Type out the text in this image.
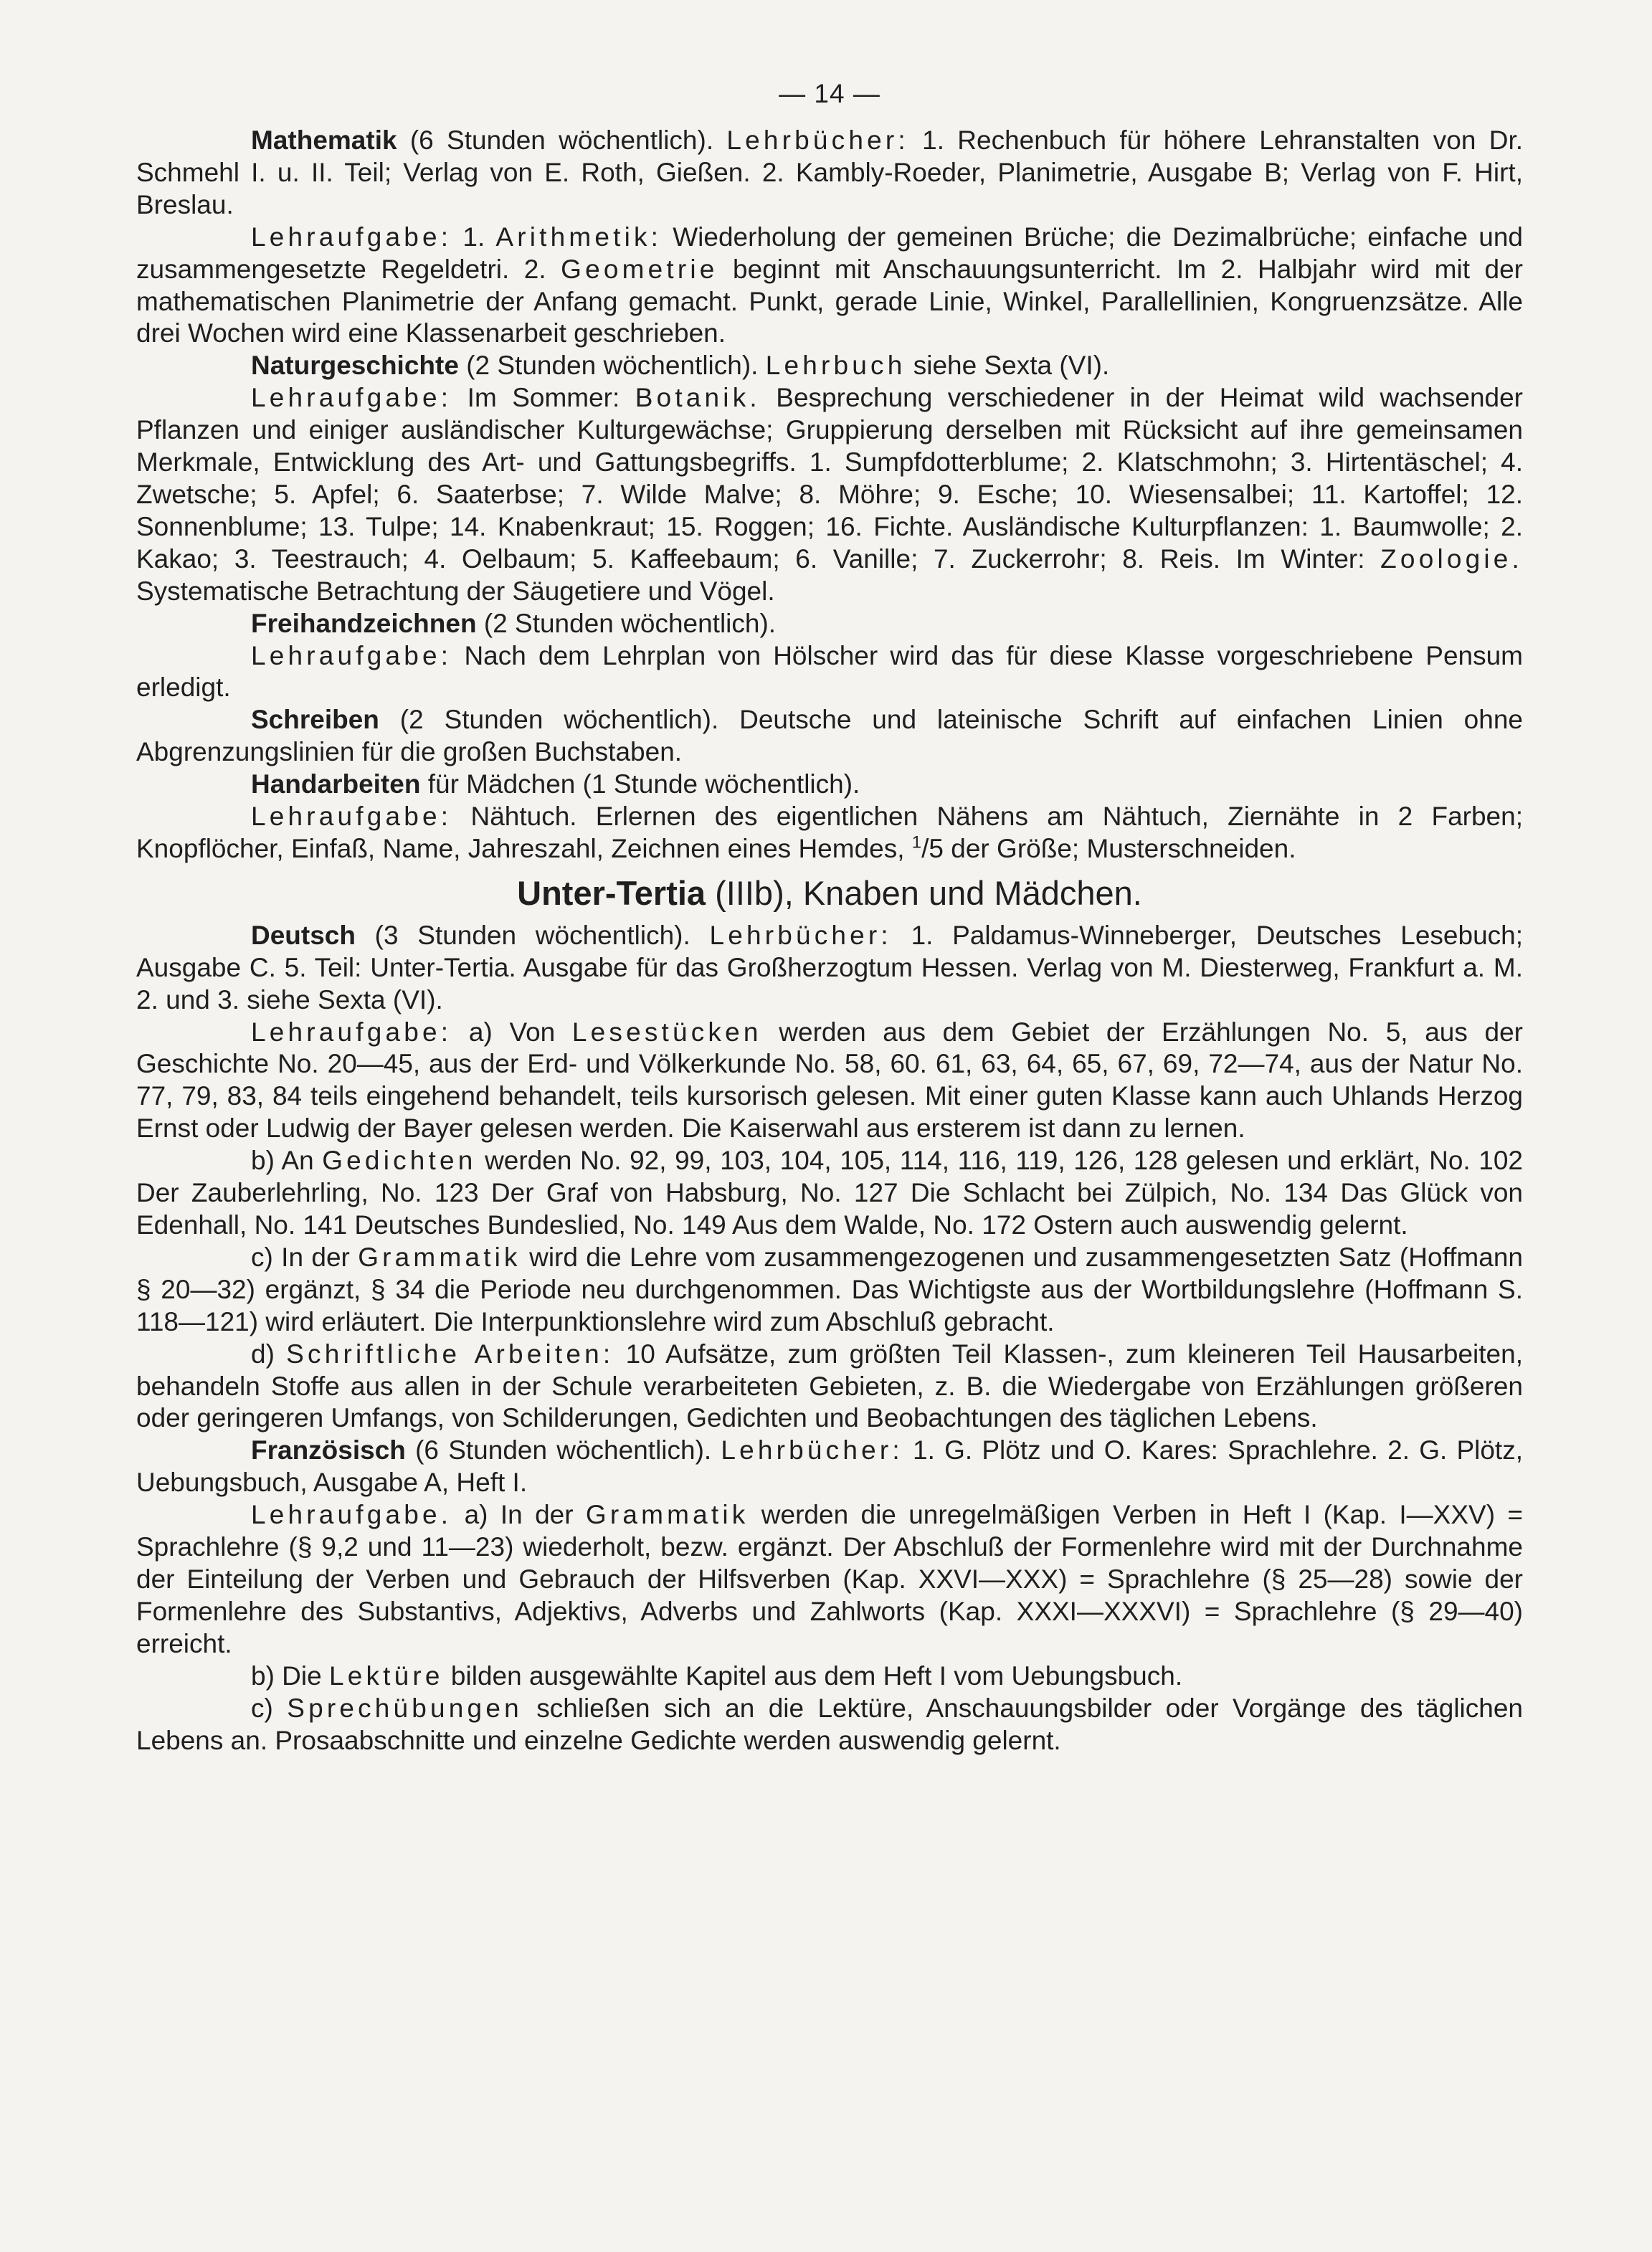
— 14 —

Mathematik (6 Stunden wöchentlich). Lehrbücher: 1. Rechenbuch für höhere Lehranstalten von Dr. Schmehl I. u. II. Teil; Verlag von E. Roth, Gießen. 2. Kambly-Roeder, Planimetrie, Ausgabe B; Verlag von F. Hirt, Breslau.

Lehraufgabe: 1. Arithmetik: Wiederholung der gemeinen Brüche; die Dezimalbrüche; einfache und zusammengesetzte Regeldetri. 2. Geometrie beginnt mit Anschauungsunterricht. Im 2. Halbjahr wird mit der mathematischen Planimetrie der Anfang gemacht. Punkt, gerade Linie, Winkel, Parallellinien, Kongruenzsätze. Alle drei Wochen wird eine Klassenarbeit geschrieben.

Naturgeschichte (2 Stunden wöchentlich). Lehrbuch siehe Sexta (VI).

Lehraufgabe: Im Sommer: Botanik. Besprechung verschiedener in der Heimat wild wachsender Pflanzen und einiger ausländischer Kulturgewächse; Gruppierung derselben mit Rücksicht auf ihre gemeinsamen Merkmale, Entwicklung des Art- und Gattungsbegriffs. 1. Sumpfdotterblume; 2. Klatschmohn; 3. Hirtentäschel; 4. Zwetsche; 5. Apfel; 6. Saaterbse; 7. Wilde Malve; 8. Möhre; 9. Esche; 10. Wiesensalbei; 11. Kartoffel; 12. Sonnenblume; 13. Tulpe; 14. Knabenkraut; 15. Roggen; 16. Fichte. Ausländische Kulturpflanzen: 1. Baumwolle; 2. Kakao; 3. Teestrauch; 4. Oelbaum; 5. Kaffeebaum; 6. Vanille; 7. Zuckerrohr; 8. Reis. Im Winter: Zoologie. Systematische Betrachtung der Säugetiere und Vögel.

Freihandzeichnen (2 Stunden wöchentlich).

Lehraufgabe: Nach dem Lehrplan von Hölscher wird das für diese Klasse vorgeschriebene Pensum erledigt.

Schreiben (2 Stunden wöchentlich). Deutsche und lateinische Schrift auf einfachen Linien ohne Abgrenzungslinien für die großen Buchstaben.

Handarbeiten für Mädchen (1 Stunde wöchentlich).

Lehraufgabe: Nähtuch. Erlernen des eigentlichen Nähens am Nähtuch, Ziernähte in 2 Farben; Knopflöcher, Einfaß, Name, Jahreszahl, Zeichnen eines Hemdes, $^1$/5 der Größe; Musterschneiden.

Unter-Tertia (IIIb), Knaben und Mädchen.

Deutsch (3 Stunden wöchentlich). Lehrbücher: 1. Paldamus-Winneberger, Deutsches Lesebuch; Ausgabe C. 5. Teil: Unter-Tertia. Ausgabe für das Großherzogtum Hessen. Verlag von M. Diesterweg, Frankfurt a. M. 2. und 3. siehe Sexta (VI).

Lehraufgabe: a) Von Lesestücken werden aus dem Gebiet der Erzählungen No. 5, aus der Geschichte No. 20—45, aus der Erd- und Völkerkunde No. 58, 60. 61, 63, 64, 65, 67, 69, 72—74, aus der Natur No. 77, 79, 83, 84 teils eingehend behandelt, teils kursorisch gelesen. Mit einer guten Klasse kann auch Uhlands Herzog Ernst oder Ludwig der Bayer gelesen werden. Die Kaiserwahl aus ersterem ist dann zu lernen.

b) An Gedichten werden No. 92, 99, 103, 104, 105, 114, 116, 119, 126, 128 gelesen und erklärt, No. 102 Der Zauberlehrling, No. 123 Der Graf von Habsburg, No. 127 Die Schlacht bei Zülpich, No. 134 Das Glück von Edenhall, No. 141 Deutsches Bundeslied, No. 149 Aus dem Walde, No. 172 Ostern auch auswendig gelernt.

c) In der Grammatik wird die Lehre vom zusammengezogenen und zusammengesetzten Satz (Hoffmann § 20—32) ergänzt, § 34 die Periode neu durchgenommen. Das Wichtigste aus der Wortbildungslehre (Hoffmann S. 118—121) wird erläutert. Die Interpunktionslehre wird zum Abschluß gebracht.

d) Schriftliche Arbeiten: 10 Aufsätze, zum größten Teil Klassen-, zum kleineren Teil Hausarbeiten, behandeln Stoffe aus allen in der Schule verarbeiteten Gebieten, z. B. die Wiedergabe von Erzählungen größeren oder geringeren Umfangs, von Schilderungen, Gedichten und Beobachtungen des täglichen Lebens.

Französisch (6 Stunden wöchentlich). Lehrbücher: 1. G. Plötz und O. Kares: Sprachlehre. 2. G. Plötz, Uebungsbuch, Ausgabe A, Heft I.

Lehraufgabe. a) In der Grammatik werden die unregelmäßigen Verben in Heft I (Kap. I—XXV) = Sprachlehre (§ 9,2 und 11—23) wiederholt, bezw. ergänzt. Der Abschluß der Formenlehre wird mit der Durchnahme der Einteilung der Verben und Gebrauch der Hilfsverben (Kap. XXVI—XXX) = Sprachlehre (§ 25—28) sowie der Formenlehre des Substantivs, Adjektivs, Adverbs und Zahlworts (Kap. XXXI—XXXVI) = Sprachlehre (§ 29—40) erreicht.

b) Die Lektüre bilden ausgewählte Kapitel aus dem Heft I vom Uebungsbuch.

c) Sprechübungen schließen sich an die Lektüre, Anschauungsbilder oder Vorgänge des täglichen Lebens an. Prosaabschnitte und einzelne Gedichte werden auswendig gelernt.
